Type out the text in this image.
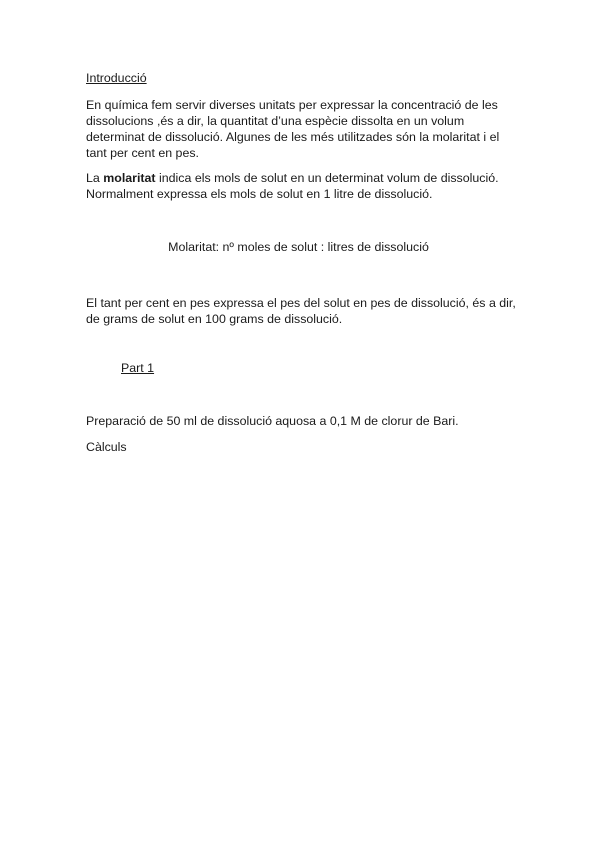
Introducció

En química fem servir diverses unitats per expressar la concentració de les dissolucions ,és a dir, la quantitat d’una espècie dissolta en un volum determinat de dissolució. Algunes de les més utilitzades són la molaritat i el tant per cent en pes.

La molaritat indica els mols de solut en un determinat volum de dissolució. Normalment expressa els mols de solut en 1 litre de dissolució.

Molaritat: nº moles de solut : litres de dissolució

El tant per cent en pes expressa el pes del solut en pes de dissolució, és a dir, de grams de solut en 100 grams de dissolució.

Part 1

Preparació de 50 ml de dissolució aquosa a 0,1 M de clorur de Bari.

Càlculs
